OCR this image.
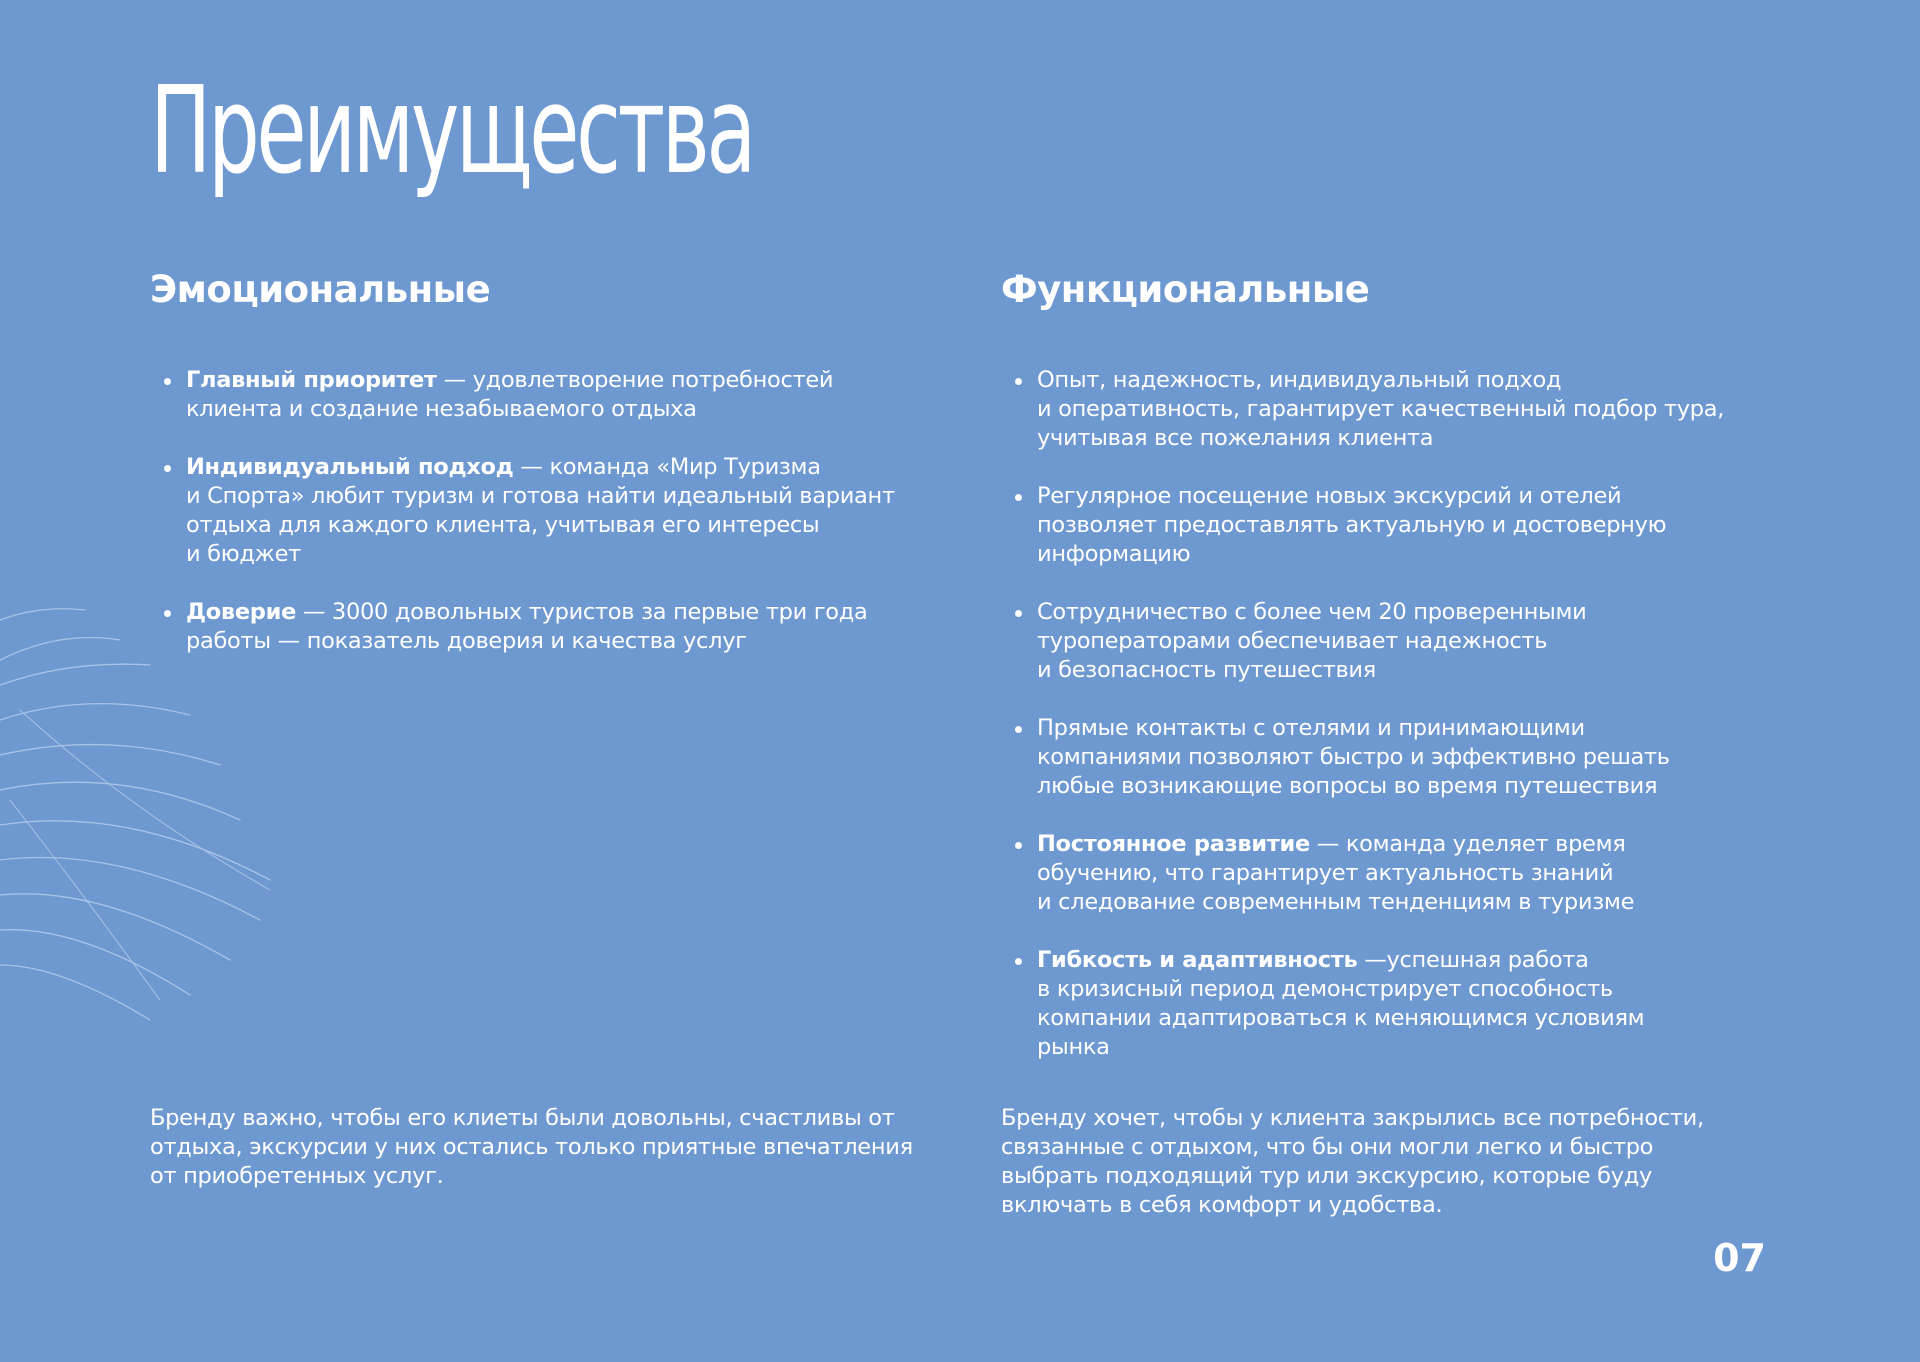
Преимущества
Эмоциональные
Главный приоритет — удовлетворение потребностей
клиента и создание незабываемого отдыха
Индивидуальный подход — команда «Мир Туризма
и Спорта» любит туризм и готова найти идеальный вариант
отдыха для каждого клиента, учитывая его интересы
и бюджет
Доверие — 3000 довольных туристов за первые три года
работы — показатель доверия и качества услуг
Функциональные
Опыт, надежность, индивидуальный подход
и оперативность, гарантирует качественный подбор тура,
учитывая все пожелания клиента
Регулярное посещение новых экскурсий и отелей
позволяет предоставлять актуальную и достоверную
информацию
Сотрудничество с более чем 20 проверенными
туроператорами обеспечивает надежность
и безопасность путешествия
Прямые контакты с отелями и принимающими
компаниями позволяют быстро и эффективно решать
любые возникающие вопросы во время путешествия
Постоянное развитие — команда уделяет время
обучению, что гарантирует актуальность знаний
и следование современным тенденциям в туризме
Гибкость и адаптивность —успешная работа
в кризисный период демонстрирует способность
компании адаптироваться к меняющимся условиям
рынка

Бренду важно, чтобы его клиеты были довольны, счастливы от
отдыха, экскурсии у них остались только приятные впечатления
от приобретенных услуг.

Бренду хочет, чтобы у клиента закрылись все потребности,
связанные с отдыхом, что бы они могли легко и быстро
выбрать подходящий тур или экскурсию, которые буду
включать в себя комфорт и удобства.

07
